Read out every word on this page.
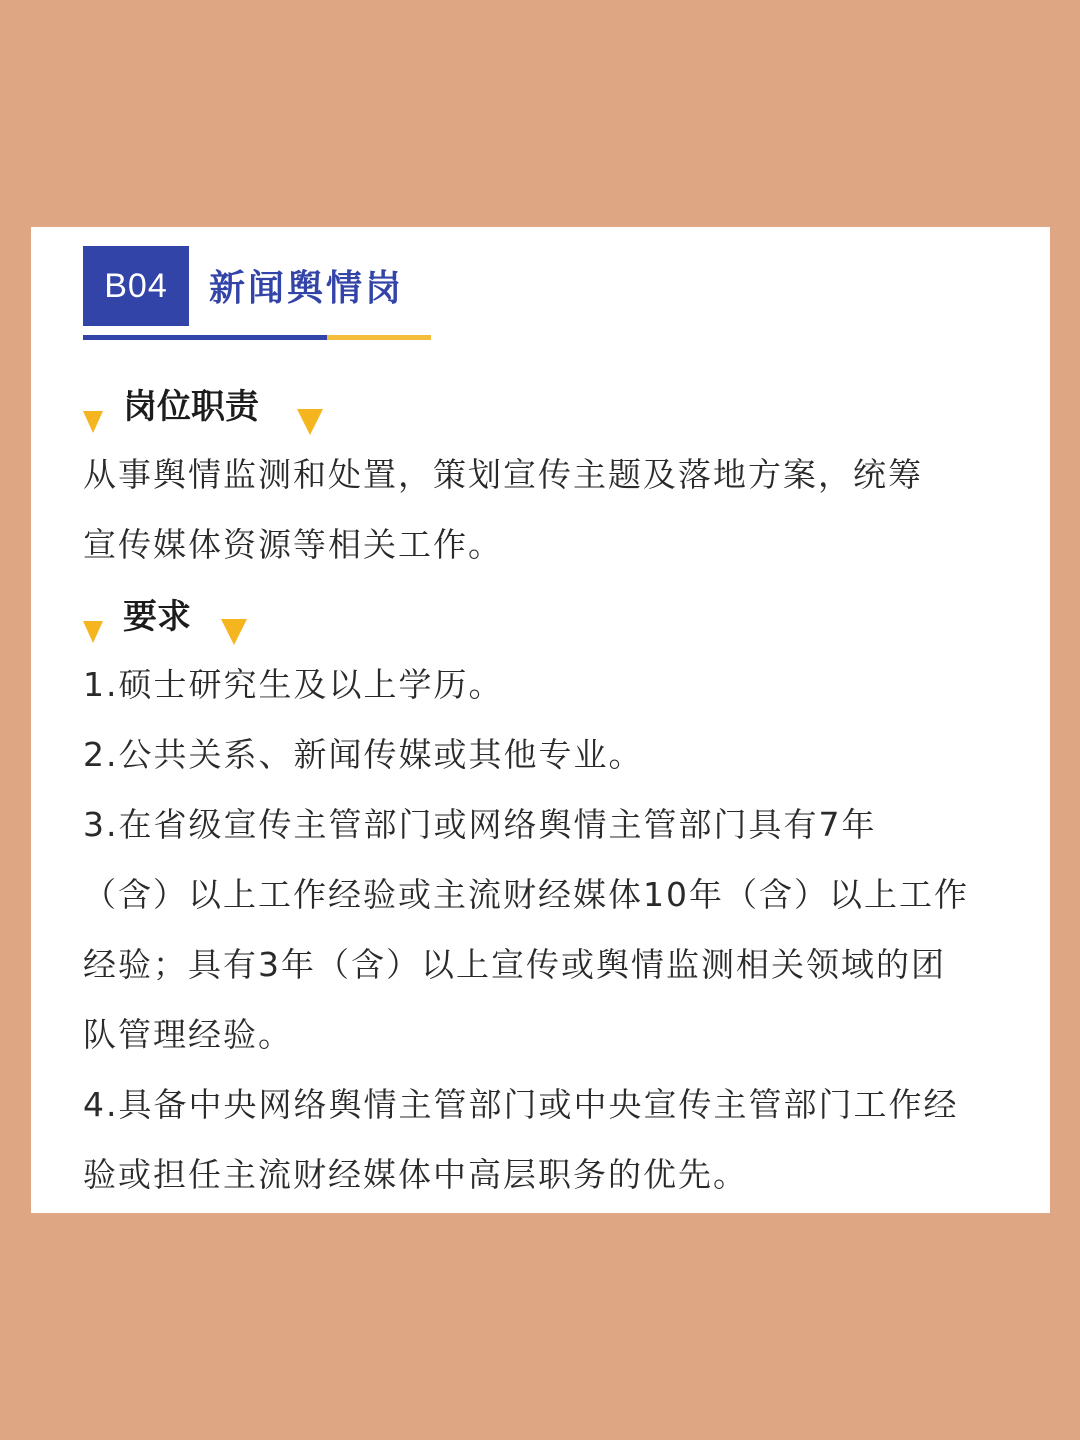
B04	新闻舆情岗
岗位职责
从事舆情监测和处置，策划宣传主题及落地方案，统筹
宣传媒体资源等相关工作。
要求
1.硕士研究生及以上学历。
2.公共关系、新闻传媒或其他专业。
3.在省级宣传主管部门或网络舆情主管部门具有7年
（含）以上工作经验或主流财经媒体10年（含）以上工作
经验；具有3年（含）以上宣传或舆情监测相关领域的团
队管理经验。
4.具备中央网络舆情主管部门或中央宣传主管部门工作经
验或担任主流财经媒体中高层职务的优先。
